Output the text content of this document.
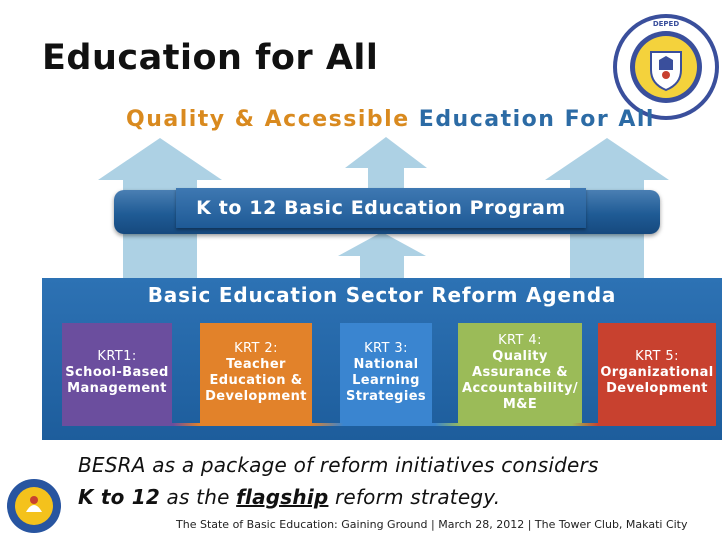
Education for All
DEPED
Quality & Accessible Education For All
K to 12 Basic Education Program
Basic Education Sector Reform Agenda
KRT1:
School-Based Management
KRT 2:
Teacher Education & Development
KRT 3:
National Learning Strategies
KRT 4:
Quality Assurance & Accountability/ M&E
KRT 5:
Organizational Development
BESRA as a package of reform initiatives considers
K to 12 as the flagship reform strategy.
The State of Basic Education: Gaining Ground | March 28, 2012 | The Tower Club, Makati City
